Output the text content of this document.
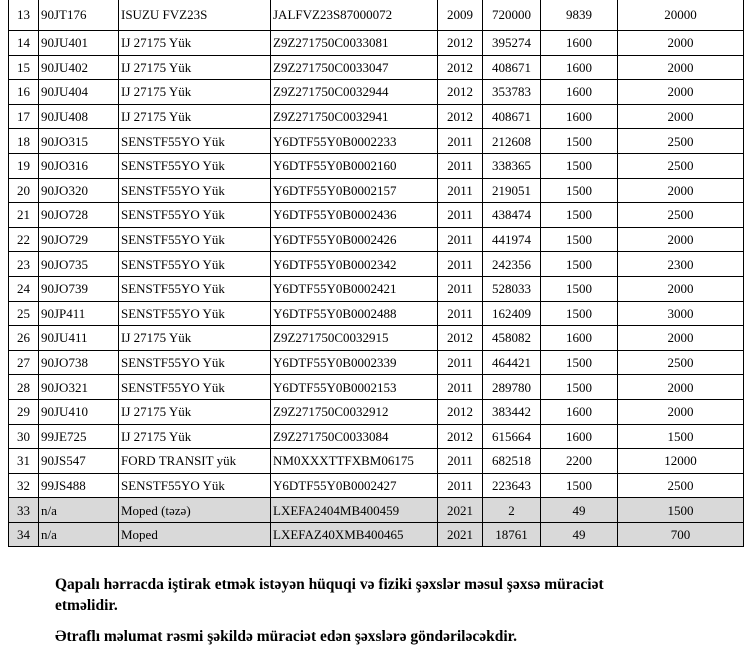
13	90JT176	ISUZU FVZ23S	JALFVZ23S87000072	2009	720000	9839	20000
14	90JU401	IJ 27175 Yük	Z9Z271750C0033081	2012	395274	1600	2000
15	90JU402	IJ 27175 Yük	Z9Z271750C0033047	2012	408671	1600	2000
16	90JU404	IJ 27175 Yük	Z9Z271750C0032944	2012	353783	1600	2000
17	90JU408	IJ 27175 Yük	Z9Z271750C0032941	2012	408671	1600	2000
18	90JO315	SENSTF55YO Yük	Y6DTF55Y0B0002233	2011	212608	1500	2500
19	90JO316	SENSTF55YO Yük	Y6DTF55Y0B0002160	2011	338365	1500	2500
20	90JO320	SENSTF55YO Yük	Y6DTF55Y0B0002157	2011	219051	1500	2000
21	90JO728	SENSTF55YO Yük	Y6DTF55Y0B0002436	2011	438474	1500	2500
22	90JO729	SENSTF55YO Yük	Y6DTF55Y0B0002426	2011	441974	1500	2000
23	90JO735	SENSTF55YO Yük	Y6DTF55Y0B0002342	2011	242356	1500	2300
24	90JO739	SENSTF55YO Yük	Y6DTF55Y0B0002421	2011	528033	1500	2000
25	90JP411	SENSTF55YO Yük	Y6DTF55Y0B0002488	2011	162409	1500	3000
26	90JU411	IJ 27175 Yük	Z9Z271750C0032915	2012	458082	1600	2000
27	90JO738	SENSTF55YO Yük	Y6DTF55Y0B0002339	2011	464421	1500	2500
28	90JO321	SENSTF55YO Yük	Y6DTF55Y0B0002153	2011	289780	1500	2000
29	90JU410	IJ 27175 Yük	Z9Z271750C0032912	2012	383442	1600	2000
30	99JE725	IJ 27175 Yük	Z9Z271750C0033084	2012	615664	1600	1500
31	90JS547	FORD TRANSIT yük	NM0XXXTTFXBM06175	2011	682518	2200	12000
32	99JS488	SENSTF55YO Yük	Y6DTF55Y0B0002427	2011	223643	1500	2500
33	n/a	Moped (təzə)	LXEFA2404MB400459	2021	2	49	1500
34	n/a	Moped	LXEFAZ40XMB400465	2021	18761	49	700
Qapalı hərracda iştirak etmək istəyən hüquqi və fiziki şəxslər məsul şəxsə müraciət
etməlidir.
Ətraflı məlumat rəsmi şəkildə müraciət edən şəxslərə göndəriləcəkdir.
